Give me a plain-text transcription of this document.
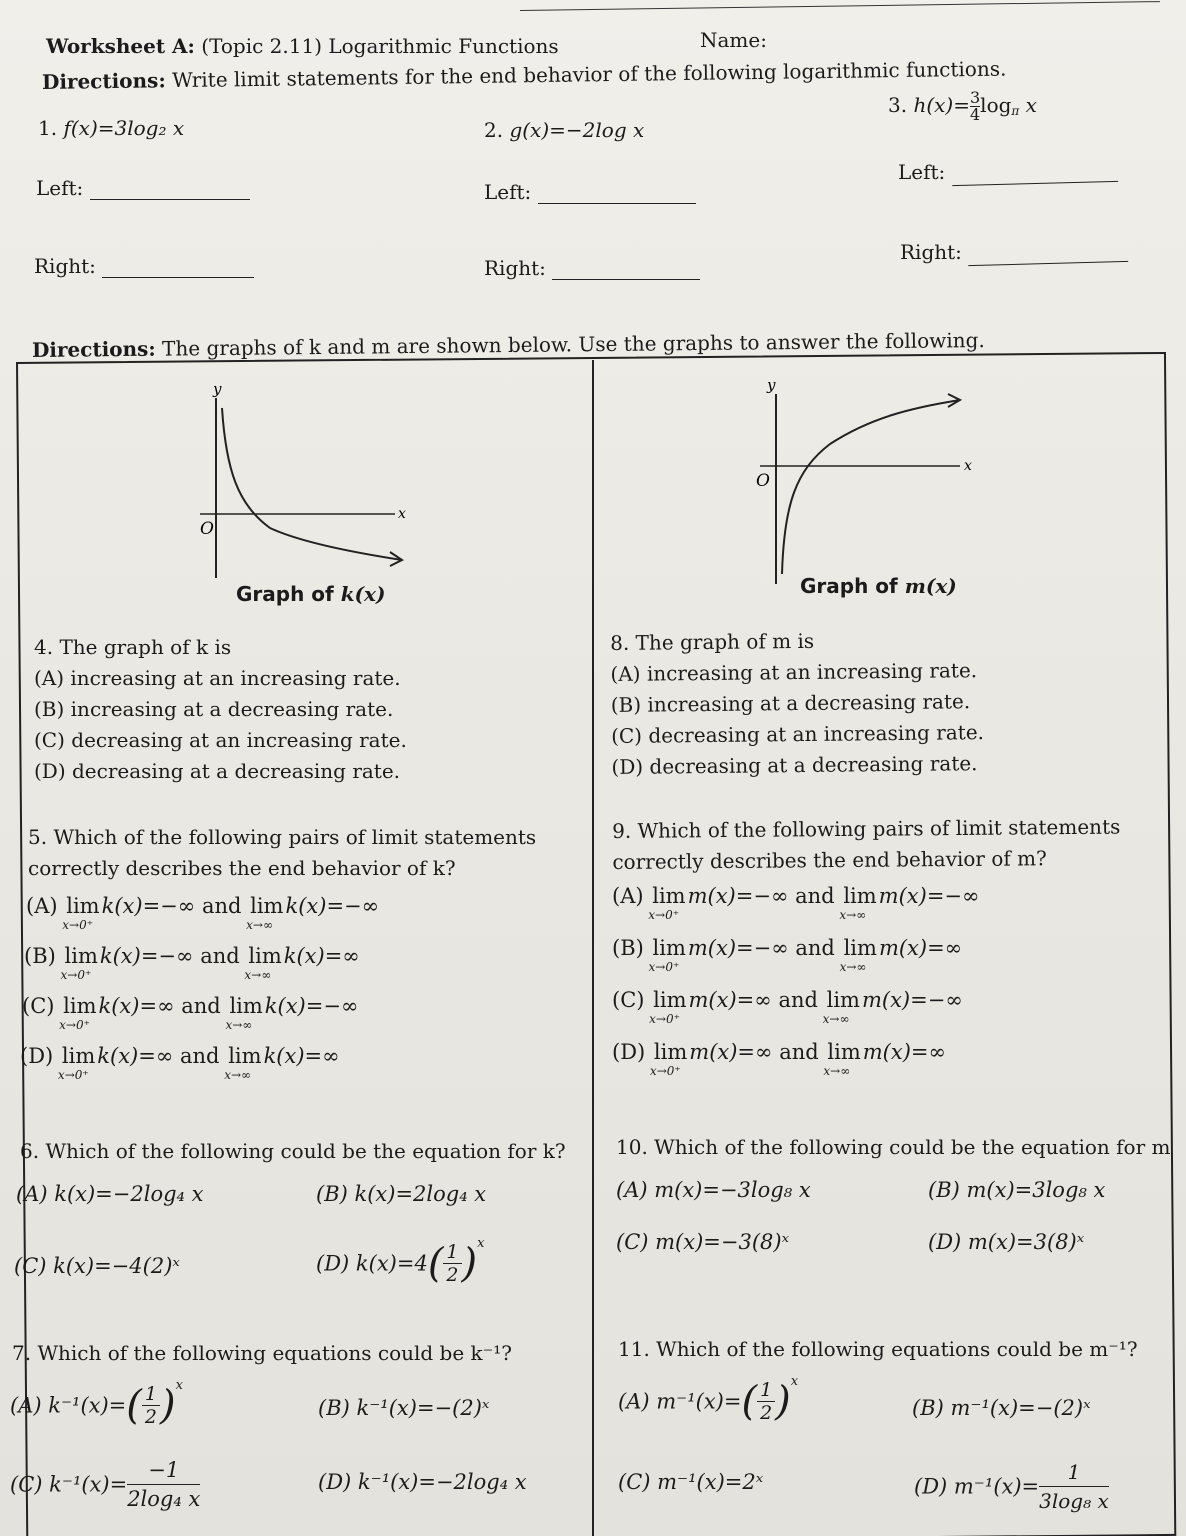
Worksheet A: (Topic 2.11) Logarithmic Functions	Name:
Directions: Write limit statements for the end behavior of the following logarithmic functions.
1. f(x)=3log₂ x	2. g(x)=−2log x
3. $h(x)= \frac{3}{4} \log_\pi x$
Left:	Left:
Left:
Right:	Right:
Right:
Directions: The graphs of k and m are shown below. Use the graphs to answer the following.
y
x
O
Graph of k(x)
y
x
O
Graph of m(x)
4. The graph of k is
(A) increasing at an increasing rate.
(B) increasing at a decreasing rate.
(C) decreasing at an increasing rate.
(D) decreasing at a decreasing rate.
8. The graph of m is
(A) increasing at an increasing rate.
(B) increasing at a decreasing rate.
(C) decreasing at an increasing rate.
(D) decreasing at a decreasing rate.
5. Which of the following pairs of limit statements
correctly describes the end behavior of k?
(A) lim
x→0⁺
k(x)=−∞ and lim
x→∞
k(x)=−∞
(B) lim
x→0⁺
k(x)=−∞ and lim
x→∞
k(x)=∞
(C) lim
x→0⁺
k(x)=∞ and lim
x→∞
k(x)=−∞
(D) lim
x→0⁺
k(x)=∞ and lim
x→∞
k(x)=∞
9. Which of the following pairs of limit statements
correctly describes the end behavior of m?
(A) lim
x→0⁺
m(x)=−∞ and lim
x→∞
m(x)=−∞
(B) lim
x→0⁺
m(x)=−∞ and lim
x→∞
m(x)=∞
(C) lim
x→0⁺
m(x)=∞ and lim
x→∞
m(x)=−∞
(D) lim
x→0⁺
m(x)=∞ and lim
x→∞
m(x)=∞
6. Which of the following could be the equation for k?
(A) k(x)=−2log₄ x	(B) k(x)=2log₄ x
(C) k(x)=−4(2)ˣ	(D) $k(x)=4( \frac{1}{2} )^x$
10. Which of the following could be the equation for m
(A) m(x)=−3log₈ x	(B) m(x)=3log₈ x
(C) m(x)=−3(8)ˣ	(D) m(x)=3(8)ˣ
7. Which of the following equations could be k⁻¹?
(A) $k^{-1}(x)=( \frac{1}{2} )^x$
(B) k⁻¹(x)=−(2)ˣ
(C) $k^{-1}(x)= \frac{-1}{\text{2log₄ x}}$	(D) k⁻¹(x)=−2log₄ x
11. Which of the following equations could be m⁻¹?
(A) $m^{-1}(x)=( \frac{1}{2} )^x$
(B) m⁻¹(x)=−(2)ˣ
(C) m⁻¹(x)=2ˣ	(D) $m^{-1}(x)= \frac{1}{\text{3log₈ x}}$
